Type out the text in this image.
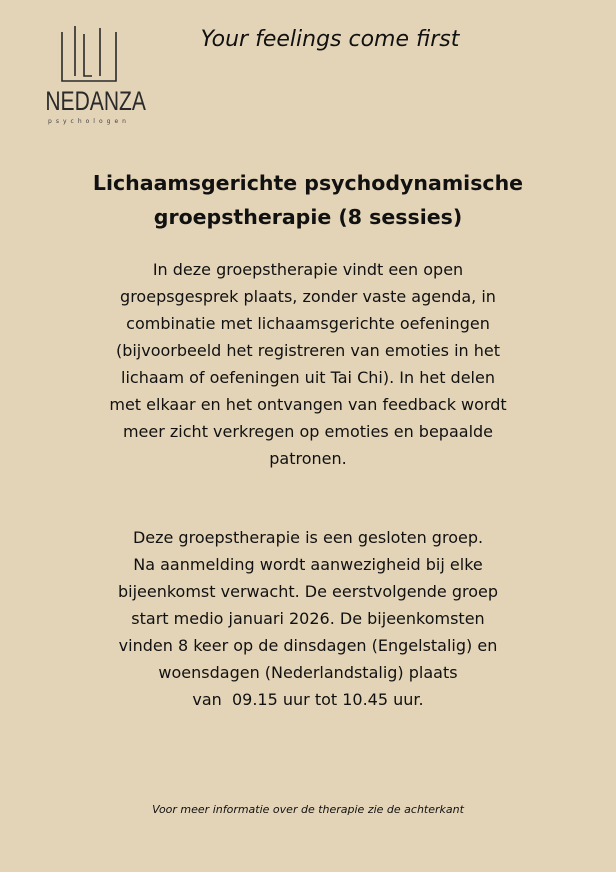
NEDANZA
psychologen
Your feelings come first
Lichaamsgerichte psychodynamische
groepstherapie (8 sessies)
In deze groepstherapie vindt een open
groepsgesprek plaats, zonder vaste agenda, in
combinatie met lichaamsgerichte oefeningen
(bijvoorbeeld het registreren van emoties in het
lichaam of oefeningen uit Tai Chi). In het delen
met elkaar en het ontvangen van feedback wordt
meer zicht verkregen op emoties en bepaalde
patronen.
Deze groepstherapie is een gesloten groep.
Na aanmelding wordt aanwezigheid bij elke
bijeenkomst verwacht. De eerstvolgende groep
start medio januari 2026. De bijeenkomsten
vinden 8 keer op de dinsdagen (Engelstalig) en
woensdagen (Nederlandstalig) plaats
van  09.15 uur tot 10.45 uur.
Voor meer informatie over de therapie zie de achterkant
